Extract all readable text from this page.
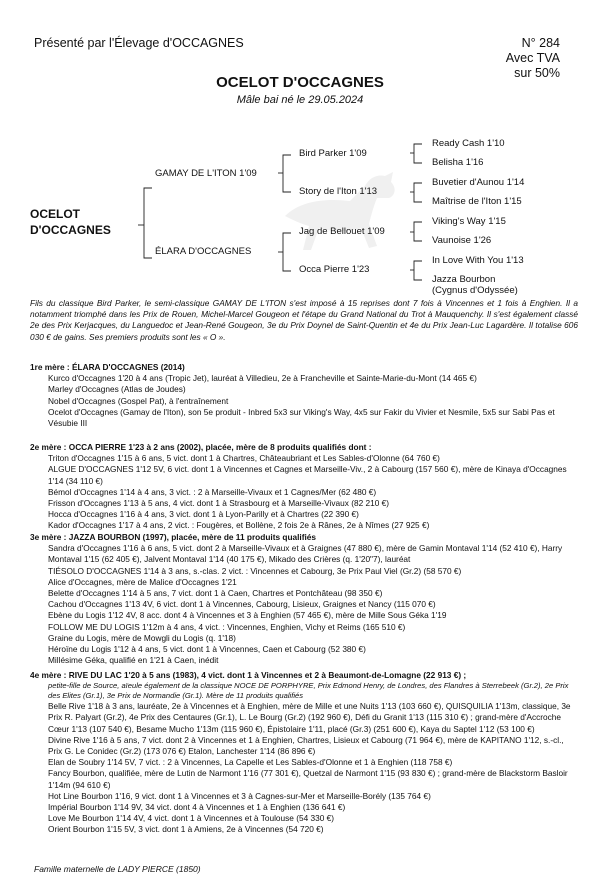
Présenté par l'Élevage d'OCCAGNES	N° 284
Avec TVA
sur 50%
OCELOT D'OCCAGNES
Mâle bai né le 29.05.2024
OCELOT
D'OCCAGNES
GAMAY DE L'ITON 1'09
ÉLARA D'OCCAGNES
Bird Parker 1'09
Story de l'Iton 1'13
Jag de Bellouet 1'09
Occa Pierre 1'23
Ready Cash 1'10
Belisha 1'16
Buvetier d'Aunou 1'14
Maîtrise de l'Iton 1'15
Viking's Way 1'15
Vaunoise 1'26
In Love With You 1'13
Jazza Bourbon
(Cygnus d'Odyssée)
Fils du classique Bird Parker, le semi-classique GAMAY DE L'ITON s'est imposé à 15 reprises dont 7 fois à Vincennes et 1 fois à Enghien. Il a notamment triomphé dans les Prix de Rouen, Michel-Marcel Gougeon et l'étape du Grand National du Trot à Mauquenchy. Il s'est également classé 2e des Prix Kerjacques, du Languedoc et Jean-René Gougeon, 3e du Prix Doynel de Saint-Quentin et 4e du Prix Jean-Luc Lagardère. Il totalise 606 030 € de gains. Ses premiers produits sont les « O ».

1re mère : ÉLARA D'OCCAGNES (2014)

Kurco d'Occagnes 1'20 à 4 ans (Tropic Jet), lauréat à Villedieu, 2e à Francheville et Sainte-Marie-du-Mont (14 465 €)

Marley d'Occagnes (Atlas de Joudes)

Nobel d'Occagnes (Gospel Pat), à l'entraînement

Ocelot d'Occagnes (Gamay de l'Iton), son 5e produit - Inbred 5x3 sur Viking's Way, 4x5 sur Fakir du Vivier et Nesmile, 5x5 sur Sabi Pas et Vésubie III

2e mère : OCCA PIERRE 1'23 à 2 ans (2002), placée, mère de 8 produits qualifiés dont :

Triton d'Occagnes 1'15 à 6 ans, 5 vict. dont 1 à Chartres, Châteaubriant et Les Sables-d'Olonne (64 760 €)

ALGUE D'OCCAGNES 1'12 5V, 6 vict. dont 1 à Vincennes et Cagnes et Marseille-Viv., 2 à Cabourg (157 560 €), mère de Kinaya d'Occagnes 1'14 (34 110 €)

Bémol d'Occagnes 1'14 à 4 ans, 3 vict. : 2 à Marseille-Vivaux et 1 Cagnes/Mer (62 480 €)

Frisson d'Occagnes 1'13 à 5 ans, 4 vict. dont 1 à Strasbourg et à Marseille-Vivaux (82 210 €)

Hocca d'Occagnes 1'16 à 4 ans, 3 vict. dont 1 à Lyon-Parilly et à Chartres (22 390 €)

Kador d'Occagnes 1'17 à 4 ans, 2 vict. : Fougères, et Bollène, 2 fois 2e à Rânes, 2e à Nîmes (27 925 €)

3e mère : JAZZA BOURBON (1997), placée, mère de 11 produits qualifiés

Sandra d'Occagnes 1'16 à 6 ans, 5 vict. dont 2 à Marseille-Vivaux et à Graignes (47 880 €), mère de Gamin Montaval 1'14 (52 410 €), Harry Montaval 1'15 (62 405 €), Jalvent Montaval 1'14 (40 175 €), Mikado des Crières (q. 1'20"7), lauréat

TIÉSOLO D'OCCAGNES 1'14 à 3 ans, s.-clas. 2 vict. : Vincennes et Cabourg, 3e Prix Paul Viel (Gr.2) (58 570 €)

Alice d'Occagnes, mère de Malice d'Occagnes 1'21

Belette d'Occagnes 1'14 à 5 ans, 7 vict. dont 1 à Caen, Chartres et Pontchâteau (98 350 €)

Cachou d'Occagnes 1'13 4V, 6 vict. dont 1 à Vincennes, Cabourg, Lisieux, Graignes et Nancy (115 070 €)

Ebène du Logis 1'12 4V, 8 acc. dont 4 à Vincennes et 3 à Enghien (57 465 €), mère de Mille Sous Géka 1'19

FOLLOW ME DU LOGIS 1'12m à 4 ans, 4 vict. : Vincennes, Enghien, Vichy et Reims (165 510 €)

Graine du Logis, mère de Mowgli du Logis (q. 1'18)

Héroïne du Logis 1'12 à 4 ans, 5 vict. dont 1 à Vincennes, Caen et Cabourg (52 380 €)

Millésime Géka, qualifié en 1'21 à Caen, inédit

4e mère : RIVE DU LAC 1'20 à 5 ans (1983), 4 vict. dont 1 à Vincennes et 2 à Beaumont-de-Lomagne (22 913 €) ;

petite-fille de Source, aïeule également de la classique NOCE DE PORPHYRE, Prix Edmond Henry, de Londres, des Flandres à Sterrebeek (Gr.2), 2e Prix des Elites (Gr.1), 3e Prix de Normandie (Gr.1). Mère de 11 produits qualifiés

Belle Rive 1'18 à 3 ans, lauréate, 2e à Vincennes et à Enghien, mère de Mille et une Nuits 1'13 (103 660 €), QUISQUILIA 1'13m, classique, 3e Prix R. Palyart (Gr.2), 4e Prix des Centaures (Gr.1), L. Le Bourg (Gr.2) (192 960 €), Défi du Granit 1'13 (115 310 €) ; grand-mère d'Accroche Cœur 1'13 (107 540 €), Besame Mucho 1'13m (115 960 €), Épistolaire 1'11, placé (Gr.3) (251 600 €), Kaya du Saptel 1'12 (53 100 €)

Divine Rive 1'16 à 5 ans, 7 vict. dont 2 à Vincennes et 1 à Enghien, Chartres, Lisieux et Cabourg (71 964 €), mère de KAPITANO 1'12, s.-cl., Prix G. Le Conidec (Gr.2) (173 076 €) Etalon, Lanchester 1'14 (86 896 €)

Elan de Soubry 1'14 5V, 7 vict. : 2 à Vincennes, La Capelle et Les Sables-d'Olonne et 1 à Enghien (118 758 €)

Fancy Bourbon, qualifiée, mère de Lutin de Narmont 1'16 (77 301 €), Quetzal de Narmont 1'15 (93 830 €) ; grand-mère de Blackstorm Basloir 1'14m (94 610 €)

Hot Line Bourbon 1'16, 9 vict. dont 1 à Vincennes et 3 à Cagnes-sur-Mer et Marseille-Borély (135 764 €)

Impérial Bourbon 1'14 9V, 34 vict. dont 4 à Vincennes et 1 à Enghien (136 641 €)

Love Me Bourbon 1'14 4V, 4 vict. dont 1 à Vincennes et à Toulouse (54 330 €)

Orient Bourbon 1'15 5V, 3 vict. dont 1 à Amiens, 2e à Vincennes (54 720 €)

Famille maternelle de LADY PIERCE (1850)
